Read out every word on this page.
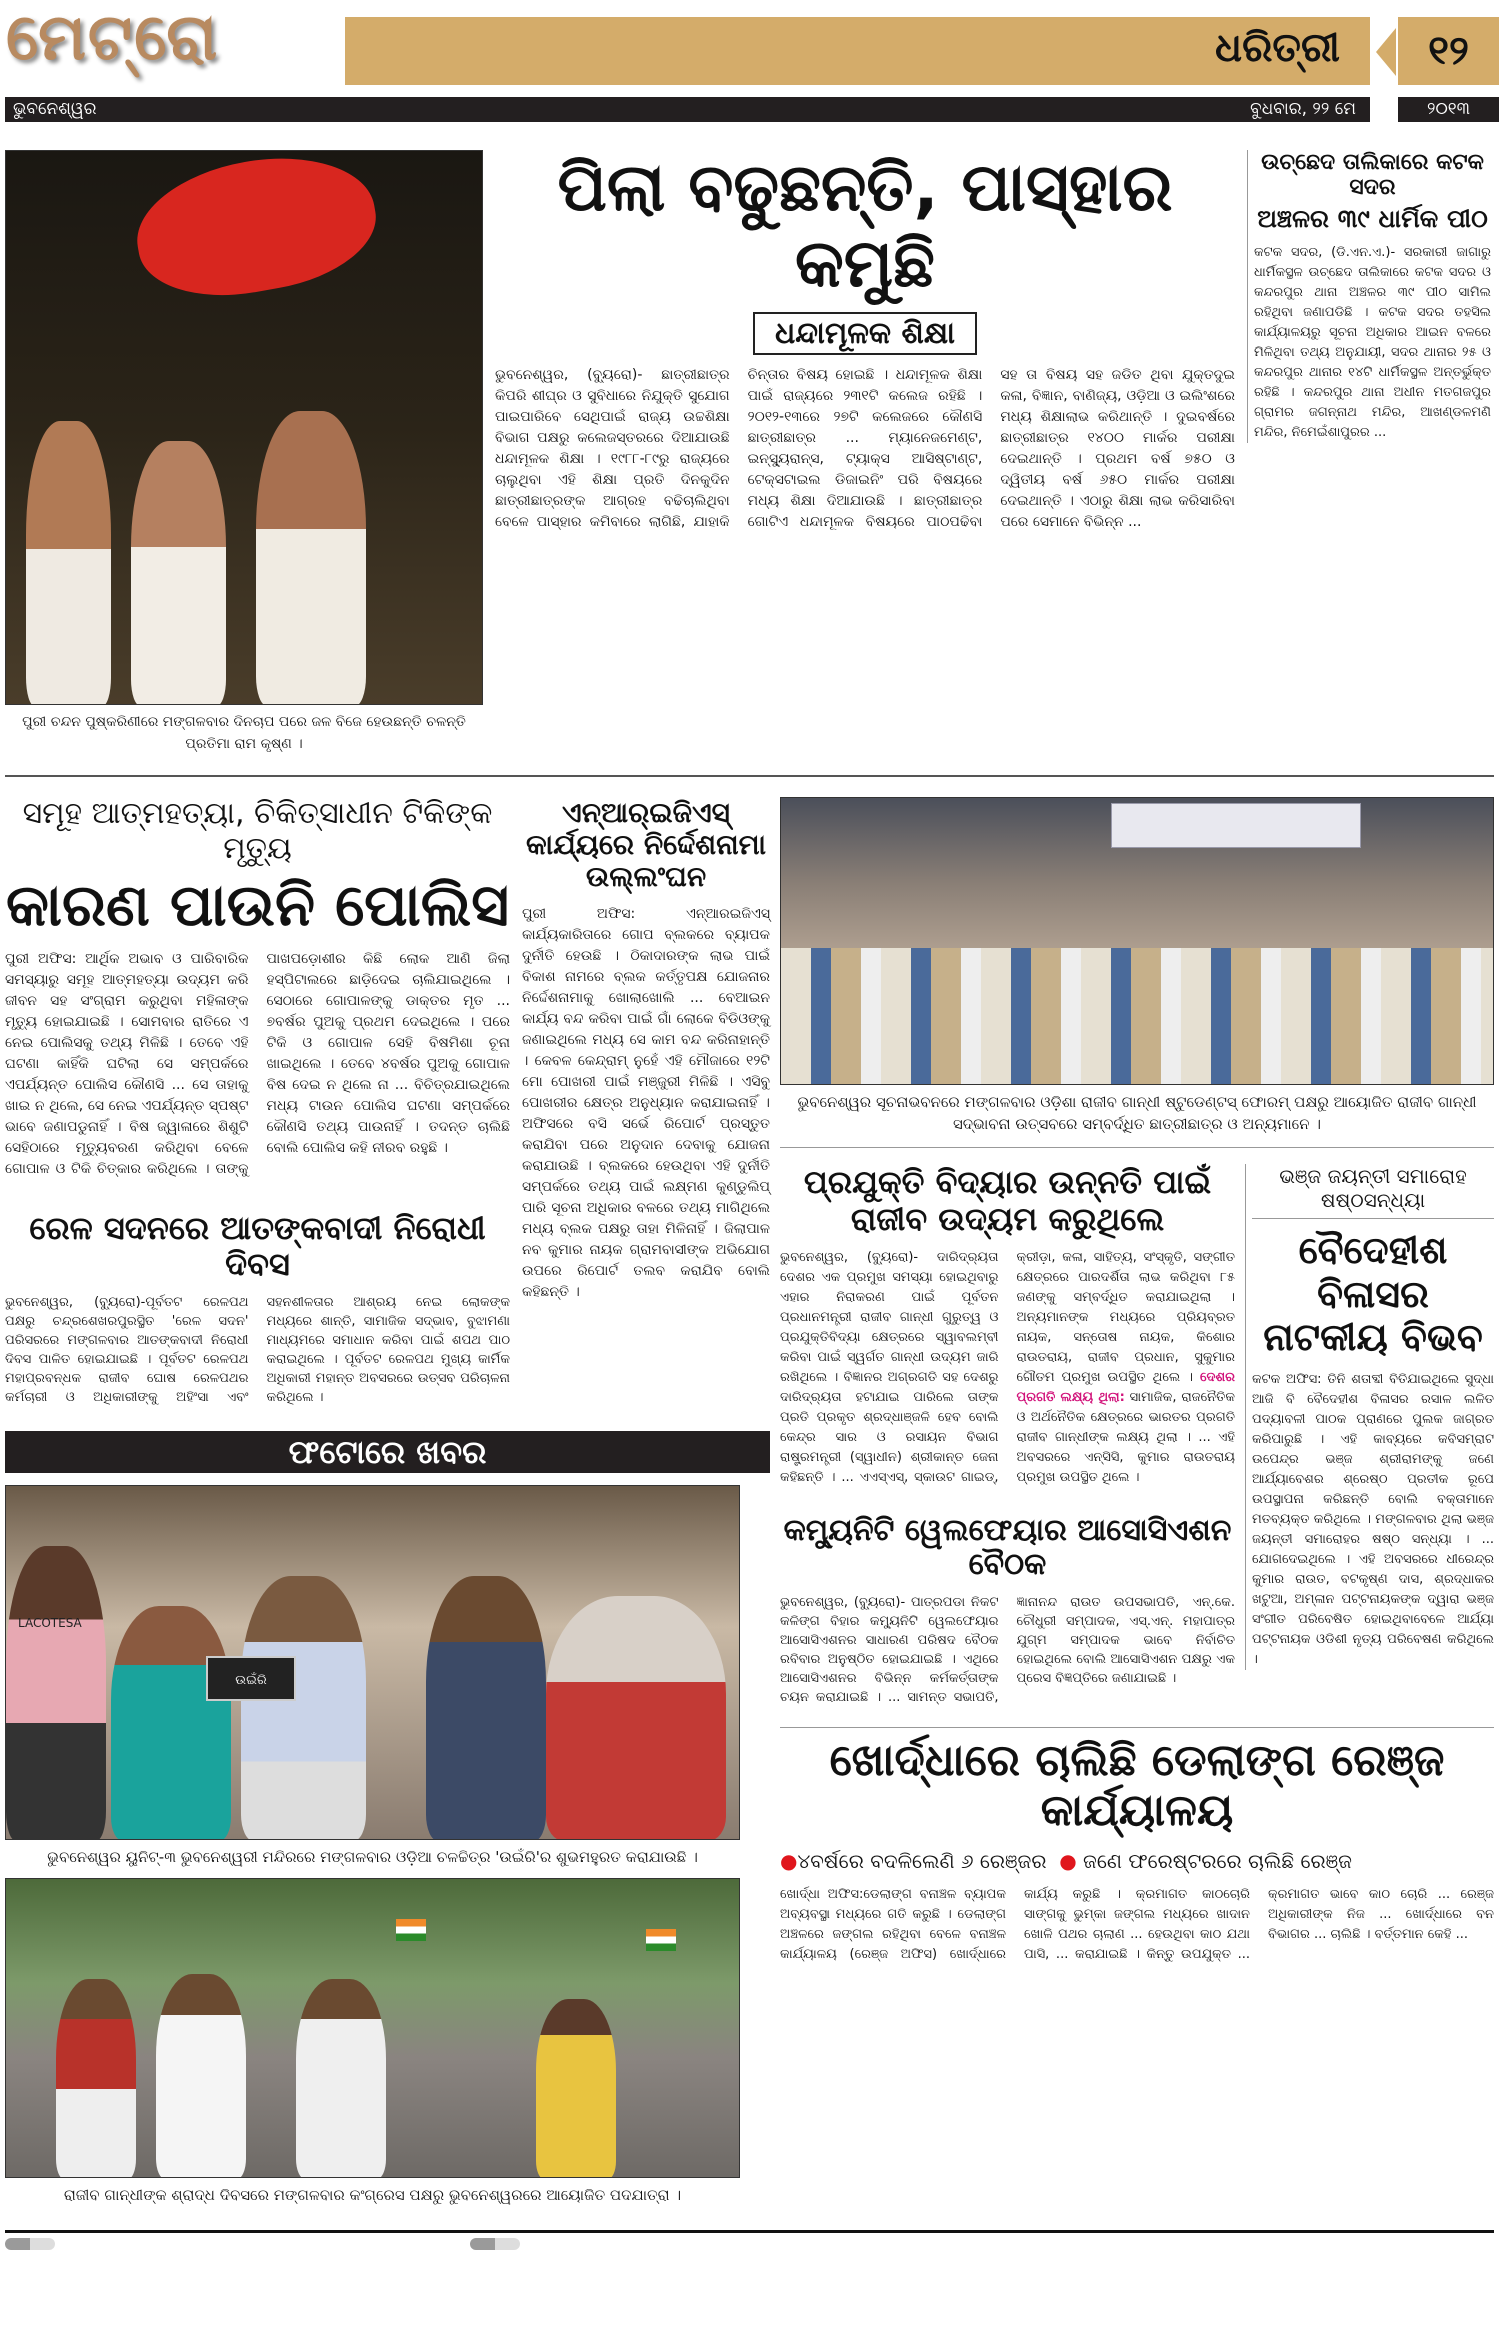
ମେଟ୍ରୋ	ଧରିତ୍ରୀ	୧୨
ଭୁବନେଶ୍ୱର	ବୁଧବାର, ୨୨ ମେ	୨୦୧୩
ପୁରୀ ଚନ୍ଦନ ପୁଷ୍କରିଣୀରେ ମଙ୍ଗଳବାର ଦିନଚାପ ପରେ ଜଳ ବିଜେ ହେଉଛନ୍ତି ଚଳନ୍ତି ପ୍ରତିମା ରାମ କୃଷ୍ଣ ।
ପିଲା ବଢୁଛନ୍ତି, ପାସ୍‌ହାର କମୁଛି
ଧନ୍ଦାମୂଳକ ଶିକ୍ଷା
ଭୁବନେଶ୍ୱର, (ବ୍ୟୁରୋ)- ଛାତ୍ରୀଛାତ୍ର କିପରି ଶୀଘ୍ର ଓ ସୁବିଧାରେ ନିଯୁକ୍ତି ସୁଯୋଗ ପାଇପାରିବେ ସେଥିପାଇଁ ରାଜ୍ୟ ଉଚ୍ଚଶିକ୍ଷା ବିଭାଗ ପକ୍ଷରୁ କଲେଜସ୍ତରରେ ଦିଆଯାଉଛି ଧନ୍ଦାମୂଳକ ଶିକ୍ଷା । ୧୯୮୮-୮୯ରୁ ରାଜ୍ୟରେ ଚାଲୁଥିବା ଏହି ଶିକ୍ଷା ପ୍ରତି ଦିନକୁଦିନ ଛାତ୍ରୀଛାତ୍ରଙ୍କ ଆଗ୍ରହ ବଢିଚାଲିଥିବା ବେଳେ ପାସ୍‌ହାର କମିବାରେ ଲାଗିଛି, ଯାହାକି ଚିନ୍ତାର ବିଷୟ ହୋଇଛି । ଧନ୍ଦାମୂଳକ ଶିକ୍ଷା ପାଇଁ ରାଜ୍ୟରେ ୨୩୧ଟି କଲେଜ ରହିଛି । ୨୦୧୨-୧୩ରେ ୨୭ଟି କଲେଜରେ କୌଣସି ଛାତ୍ରୀଛାତ୍ର ... ମ୍ୟାନେଜମେଣ୍ଟ, ଇନ୍‌ସ୍ୟୁରାନ୍ସ, ଟ୍ୟାକ୍ସ ଆସିଷ୍ଟାଣ୍ଟ, ଟେକ୍ସଟାଇଲ ଡିଜାଇନିଂ ପରି ବିଷୟରେ ମଧ୍ୟ ଶିକ୍ଷା ଦିଆଯାଉଛି । ଛାତ୍ରୀଛାତ୍ର ଗୋଟିଏ ଧନ୍ଦାମୂଳକ ବିଷୟରେ ପାଠପଢିବା ସହ ତା ବିଷୟ ସହ ଜଡିତ ଥିବା ଯୁକ୍ତଦୁଇ କଳା, ବିଜ୍ଞାନ, ବାଣିଜ୍ୟ, ଓଡ଼ିଆ ଓ ଇଲିଂଶରେ ମଧ୍ୟ ଶିକ୍ଷାଲାଭ କରିଥାନ୍ତି । ଦୁଇବର୍ଷରେ ଛାତ୍ରୀଛାତ୍ର ୧୪୦୦ ମାର୍କର ପରୀକ୍ଷା ଦେଇଥାନ୍ତି । ପ୍ରଥମ ବର୍ଷ ୭୫୦ ଓ ଦ୍ୱିତୀୟ ବର୍ଷ ୬୫୦ ମାର୍କର ପରୀକ୍ଷା ଦେଇଥାନ୍ତି । ଏଠାରୁ ଶିକ୍ଷା ଲାଭ କରିସାରିବା ପରେ ସେମାନେ ବିଭିନ୍ନ ...
ଉଚ୍ଛେଦ ତାଲିକାରେ କଟକ ସଦର
ଅଞ୍ଚଳର ୩୯ ଧାର୍ମିକ ପୀଠ
କଟକ ସଦର, (ଡି.ଏନ.ଏ.)- ସରକାରୀ ଜାଗାରୁ ଧାର୍ମିକସ୍ଥଳ ଉଚ୍ଛେଦ ତାଲିକାରେ କଟକ ସଦର ଓ କନ୍ଦରପୁର ଥାନା ଅଞ୍ଚଳର ୩୯ ପୀଠ ସାମିଲ ରହିଥିବା ଜଣାପଡିଛି । କଟକ ସଦର ତହସିଲ କାର୍ଯ୍ୟାଳୟରୁ ସୂଚନା ଅଧିକାର ଆଇନ ବଳରେ ମିଳିଥିବା ତଥ୍ୟ ଅନୁଯାୟୀ, ସଦର ଥାନାର ୨୫ ଓ କନ୍ଦରପୁର ଥାନାର ୧୪ଟି ଧାର୍ମିକସ୍ଥଳ ଅନ୍ତର୍ଭୁକ୍ତ ରହିଛି । କନ୍ଦରପୁର ଥାନା ଅଧୀନ ମତଗଜପୁର ଗ୍ରାମର ଜଗନ୍ନାଥ ମନ୍ଦିର, ଆଖଣ୍ଡଳମଣି ମନ୍ଦିର, ନିମେଇଁଶାପୁରର ...
ସମୂହ ଆତ୍ମହତ୍ୟା, ଚିକିତ୍ସାଧୀନ ଟିକିଙ୍କ ମୃତ୍ୟୁ
କାରଣ ପାଉନି ପୋଲିସ
ପୁରୀ ଅଫିସ: ଆର୍ଥିକ ଅଭାବ ଓ ପାରିବାରିକ ସମସ୍ୟାରୁ ସମୂହ ଆତ୍ମହତ୍ୟା ଉଦ୍ୟମ କରି ଜୀବନ ସହ ସଂଗ୍ରାମ କରୁଥିବା ମହିଳାଙ୍କ ମୃତ୍ୟୁ ହୋଇଯାଇଛି । ସୋମବାର ରାତିରେ ଏ ନେଇ ପୋଲିସକୁ ତଥ୍ୟ ମିଳିଛି । ତେବେ ଏହି ଘଟଣା କାହିଁକି ଘଟିଲା ସେ ସମ୍ପର୍କରେ ଏପର୍ଯ୍ୟନ୍ତ ପୋଲିସ କୌଣସି ... ସେ ତାହାକୁ ଖାଇ ନ ଥିଲେ, ସେ ନେଇ ଏପର୍ଯ୍ୟନ୍ତ ସ୍ପଷ୍ଟ ଭାବେ ଜଣାପଡୁନାହିଁ । ବିଷ ଜ୍ୱାଳାରେ ଶିଶୁଟି ସେହିଠାରେ ମୃତ୍ୟୁବରଣ କରିଥିବା ବେଳେ ଗୋପାଳ ଓ ଟିକି ଚିତ୍କାର କରିଥିଲେ । ତାଙ୍କୁ ପାଖପଡ଼ୋଶୀର କିଛି ଲୋକ ଆଣି ଜିଲା ହସ୍ପିଟାଲରେ ଛାଡ଼ିଦେଇ ଚାଲିଯାଇଥିଲେ । ସେଠାରେ ଗୋପାଳଙ୍କୁ ଡାକ୍ତର ମୃତ ... ୭ବର୍ଷର ପୁଅକୁ ପ୍ରଥମ ଦେଇଥିଲେ । ପରେ ଟିକି ଓ ଗୋପାଳ ସେହି ବିଷମିଶା ଚୂନା ଖାଇଥିଲେ । ତେବେ ୪ବର୍ଷର ପୁଅକୁ ଗୋପାଳ ବିଷ ଦେଇ ନ ଥିଲେ ନା ... ବିଚିତ୍ରଯାଇଥିଲେ ମଧ୍ୟ ଟାଉନ ପୋଲିସ ଘଟଣା ସମ୍ପର୍କରେ କୌଣସି ତଥ୍ୟ ପାଉନାହିଁ । ତଦନ୍ତ ଚାଲିଛି ବୋଲି ପୋଲିସ କହି ନୀରବ ରହୁଛି ।
ରେଳ ସଦନରେ ଆତଙ୍କବାଦୀ ନିରୋଧୀ ଦିବସ
ଭୁବନେଶ୍ୱର, (ବ୍ୟୁରୋ)-ପୂର୍ବତଟ ରେଳପଥ ପକ୍ଷରୁ ଚନ୍ଦ୍ରଶେଖରପୁରସ୍ଥିତ 'ରେଳ ସଦନ' ପରିସରରେ ମଙ୍ଗଳବାର ଆତଙ୍କବାଦୀ ନିରୋଧୀ ଦିବସ ପାଳିତ ହୋଇଯାଇଛି । ପୂର୍ବତଟ ରେଳପଥ ମହାପ୍ରବନ୍ଧକ ରାଜୀବ ଘୋଷ ରେଳପଥର କର୍ମଚାରୀ ଓ ଅଧିକାରୀଙ୍କୁ ଅହିଂସା ଏବଂ ସହନଶୀଳତାର ଆଶ୍ରୟ ନେଇ ଲୋକଙ୍କ ମଧ୍ୟରେ ଶାନ୍ତି, ସାମାଜିକ ସଦ୍ଭାବ, ବୁଝାମଣା ମାଧ୍ୟମରେ ସମାଧାନ କରିବା ପାଇଁ ଶପଥ ପାଠ କରାଇଥିଲେ । ପୂର୍ବତଟ ରେଳପଥ ମୁଖ୍ୟ କାର୍ମିକ ଅଧିକାରୀ ମହାନ୍ତ ଅବସରରେ ଉତ୍ସବ ପରିଚାଳନା କରିଥିଲେ ।
ଏନ୍‌ଆର୍‌ଇଜିଏସ୍ କାର୍ଯ୍ୟରେ ନିର୍ଦ୍ଦେଶନାମା ଉଲ୍ଲଂଘନ
ପୁରୀ ଅଫିସ: ଏନ୍‌ଆରଇଜିଏସ୍ କାର୍ଯ୍ୟକାରିତାରେ ଗୋପ ବ୍ଲକରେ ବ୍ୟାପକ ଦୁର୍ନୀତି ହେଉଛି । ଠିକାଦାରଙ୍କ ଲାଭ ପାଇଁ ବିକାଶ ନାମରେ ବ୍ଲକ କର୍ତ୍ତୃପକ୍ଷ ଯୋଜନାର ନିର୍ଦ୍ଦେଶନାମାକୁ ଖୋଲାଖୋଲି ... ବେଆଇନ କାର୍ଯ୍ୟ ବନ୍ଦ କରିବା ପାଇଁ ଗାଁ ଲୋକେ ବିଡିଓଙ୍କୁ ଜଣାଇଥିଲେ ମଧ୍ୟ ସେ କାମ ବନ୍ଦ କରିନାହାନ୍ତି । କେବଳ କେନ୍ଦ୍ରାମ୍ ନୁହେଁ ଏହି ମୌଜାରେ ୧୨ଟି ମୋ ପୋଖରୀ ପାଇଁ ମଞ୍ଜୁରୀ ମିଳିଛି । ଏସିବୁ ପୋଖରୀର କ୍ଷେତ୍ର ଅନୁଧ୍ୟାନ କରାଯାଇନାହିଁ । ଅଫିସରେ ବସି ସର୍ଭେ ରିପୋର୍ଟ ପ୍ରସ୍ତୁତ କରାଯିବା ପରେ ଅନୁଦାନ ଦେବାକୁ ଯୋଜନା କରାଯାଉଛି । ବ୍ଲକରେ ହେଉଥିବା ଏହି ଦୁର୍ନୀତି ସମ୍ପର୍କରେ ତଥ୍ୟ ପାଇଁ ଲକ୍ଷ୍ମଣ କୁଣ୍ଡୁଲିପ୍ ପାରି ସୂଚନା ଅଧିକାର ବଳରେ ତଥ୍ୟ ମାଗିଥିଲେ ମଧ୍ୟ ବ୍ଲକ ପକ୍ଷରୁ ତାହା ମିଳିନାହିଁ । ଜିଲାପାଳ ନବ କୁମାର ନାୟକ ଗ୍ରାମବାସୀଙ୍କ ଅଭିଯୋଗ ଉପରେ ରିପୋର୍ଟ ତଲବ କରାଯିବ ବୋଲି କହିଛନ୍ତି ।
ଫଟୋରେ ଖବର
LACOTESA
ଉଇଁରି
ଭୁବନେଶ୍ୱର ୟୁନିଟ୍-୩ ଭୁବନେଶ୍ୱରୀ ମନ୍ଦିରରେ ମଙ୍ଗଳବାର ଓଡ଼ିଆ ଚଳଚ୍ଚିତ୍ର 'ଉଇଁରି'ର ଶୁଭମହୁରତ କରାଯାଉଛି ।
ରାଜୀବ ଗାନ୍ଧୀଙ୍କ ଶ୍ରାଦ୍ଧ ଦିବସରେ ମଙ୍ଗଳବାର କଂଗ୍ରେସ ପକ୍ଷରୁ ଭୁବନେଶ୍ୱରରେ ଆୟୋଜିତ ପଦଯାତ୍ରା ।
ଭୁବନେଶ୍ୱର ସୂଚନାଭବନରେ ମଙ୍ଗଳବାର ଓଡ଼ିଶା ରାଜୀବ ଗାନ୍ଧୀ ଷ୍ଟୁଡେଣ୍ଟସ୍ ଫୋରମ୍ ପକ୍ଷରୁ ଆୟୋଜିତ ରାଜୀବ ଗାନ୍ଧୀ ସଦ୍‌ଭାବନା ଉତ୍ସବରେ ସମ୍ବର୍ଦ୍ଧିତ ଛାତ୍ରୀଛାତ୍ର ଓ ଅନ୍ୟମାନେ ।
ପ୍ରଯୁକ୍ତି ବିଦ୍ୟାର ଉନ୍ନତି ପାଇଁ ରାଜୀବ ଉଦ୍ୟମ କରୁଥିଲେ
ଭୁବନେଶ୍ୱର, (ବ୍ୟୁରୋ)- ଦାରିଦ୍ର୍ୟତା ଦେଶର ଏକ ପ୍ରମୁଖ ସମସ୍ୟା ହୋଇଥିବାରୁ ଏହାର ନିରାକରଣ ପାଇଁ ପୂର୍ବତନ ପ୍ରଧାନମନ୍ତ୍ରୀ ରାଜୀବ ଗାନ୍ଧୀ ଗୁରୁତ୍ୱ ଓ ପ୍ରଯୁକ୍ତିବିଦ୍ୟା କ୍ଷେତ୍ରରେ ସ୍ୱାବଲମ୍ବୀ କରିବା ପାଇଁ ସ୍ୱର୍ଗତ ଗାନ୍ଧୀ ଉଦ୍ୟମ ଜାରି ରଖିଥିଲେ । ବିଜ୍ଞାନର ଅଗ୍ରଗତି ସହ ଦେଶରୁ ଦାରିଦ୍ର୍ୟତା ହଟାଯାଇ ପାରିଲେ ତାଙ୍କ ପ୍ରତି ପ୍ରକୃତ ଶ୍ରଦ୍ଧାଞ୍ଜଳି ହେବ ବୋଲି କେନ୍ଦ୍ର ସାର ଓ ରସାୟନ ବିଭାଗ ରାଷ୍ଟ୍ରମନ୍ତ୍ରୀ (ସ୍ୱାଧୀନ) ଶ୍ରୀକାନ୍ତ ଜେନା କହିଛନ୍ତି । ... ଏଏସ୍‌ଏସ୍, ସ୍କାଉଟ ଗାଇଡ୍, କ୍ରୀଡ଼ା, କଳା, ସାହିତ୍ୟ, ସଂସ୍କୃତି, ସଙ୍ଗୀତ କ୍ଷେତ୍ରରେ ପାରଦର୍ଶିତା ଲାଭ କରିଥିବା ୮୫ ଜଣଙ୍କୁ ସମ୍ବର୍ଦ୍ଧିତ କରାଯାଇଥିଲା । ଅନ୍ୟମାନଙ୍କ ମଧ୍ୟରେ ପ୍ରିୟବ୍ରତ ନାୟକ, ସନ୍ତୋଷ ନାୟକ, କିଶୋର ରାଉତରାୟ, ରାଜୀବ ପ୍ରଧାନ, ସୁକୁମାର ଗୌତମ ପ୍ରମୁଖ ଉପସ୍ଥିତ ଥିଲେ । ଦେଶର ପ୍ରଗତି ଲକ୍ଷ୍ୟ ଥିଲା: ସାମାଜିକ, ରାଜନୈତିକ ଓ ଅର୍ଥନୈତିକ କ୍ଷେତ୍ରରେ ଭାରତର ପ୍ରଗତି ରାଜୀବ ଗାନ୍ଧୀଙ୍କ ଲକ୍ଷ୍ୟ ଥିଲା । ... ଏହି ଅବସରରେ ଏନ୍‌ସିସି, କୁମାର ରାଉତରାୟ ପ୍ରମୁଖ ଉପସ୍ଥିତ ଥିଲେ ।
କମ୍ୟୁନିଟି ୱେଲଫେୟାର ଆସୋସିଏଶନ ବୈଠକ
ଭୁବନେଶ୍ୱର, (ବ୍ୟୁରୋ)- ପାତ୍ରପଡା ନିକଟ କଳିଙ୍ଗ ବିହାର କମ୍ୟୁନିଟି ୱେଲଫେୟାର ଆସୋସିଏଶନର ସାଧାରଣ ପରିଷଦ ବୈଠକ ରବିବାର ଅନୁଷ୍ଠିତ ହୋଇଯାଇଛି । ଏଥିରେ ଆସୋସିଏଶନର ବିଭିନ୍ନ କର୍ମକର୍ତ୍ତାଙ୍କ ଚୟନ କରାଯାଇଛି । ... ସାମନ୍ତ ସଭାପତି, ଜ୍ଞାନାନନ୍ଦ ରାଉତ ଉପସଭାପତି, ଏନ୍.କେ. ଚୌଧୁରୀ ସମ୍ପାଦକ, ଏସ୍.ଏନ୍. ମହାପାତ୍ର ଯୁଗ୍ମ ସମ୍ପାଦକ ଭାବେ ନିର୍ବାଚିତ ହୋଇଥିଲେ ବୋଲି ଆସୋସିଏଶନ ପକ୍ଷରୁ ଏକ ପ୍ରେସ ବିଜ୍ଞପ୍ତିରେ ଜଣାଯାଇଛି ।
ଭଞ୍ଜ ଜୟନ୍ତୀ ସମାରୋହ ଷଷ୍ଠସନ୍ଧ୍ୟା
ବୈଦେହୀଶ ବିଳାସର ନାଟକୀୟ ବିଭବ
କଟକ ଅଫିସ: ତିନି ଶତାବ୍ଦୀ ବିତିଯାଇଥିଲେ ସୁଦ୍ଧା ଆଜି ବି ବୈଦେହୀଶ ବିଳାସର ରସାଳ ଲଳିତ ପଦ୍ୟାବଳୀ ପାଠକ ପ୍ରାଣରେ ପୁଲକ ଜାଗ୍ରତ କରିପାରୁଛି । ଏହି କାବ୍ୟରେ କବିସମ୍ରାଟ ଉପେନ୍ଦ୍ର ଭଞ୍ଜ ଶ୍ରୀରାମଙ୍କୁ ଜଣେ ଆର୍ଯ୍ୟାବେଶର ଶ୍ରେଷ୍ଠ ପ୍ରତୀକ ରୂପେ ଉପସ୍ଥାପନା କରିଛନ୍ତି ବୋଲି ବକ୍ତାମାନେ ମତବ୍ୟକ୍ତ କରିଥିଲେ । ମଙ୍ଗଳବାର ଥିଲା ଭଞ୍ଜ ଜୟନ୍ତୀ ସମାରୋହର ଷଷ୍ଠ ସନ୍ଧ୍ୟା । ... ଯୋଗଦେଇଥିଲେ । ଏହି ଅବସରରେ ଧୀରେନ୍ଦ୍ର କୁମାର ରାଉତ, ବଟକୃଷ୍ଣ ଦାସ, ଶ୍ରଦ୍ଧାକର ଖଟୁଆ, ଅମ୍ଳାନ ପଟ୍ଟନାୟକଙ୍କ ଦ୍ୱାରା ଭଞ୍ଜ ସଂଗୀତ ପରିବେଷିତ ହୋଇଥିବାବେଳେ ଆର୍ଯ୍ୟା ପଟ୍ଟନାୟକ ଓଡିଶୀ ନୃତ୍ୟ ପରିବେଷଣ କରିଥିଲେ ।
ଖୋର୍ଦ୍ଧାରେ ଚାଲିଛି ଡେଲାଙ୍ଗ ରେଞ୍ଜ କାର୍ଯ୍ୟାଳୟ
●୪ବର୍ଷରେ ବଦଳିଲେଣି ୬ ରେଞ୍ଜର ● ଜଣେ ଫରେଷ୍ଟରରେ ଚାଲିଛି ରେଞ୍ଜ
ଖୋର୍ଦ୍ଧା ଅଫିସ:ଡେଲାଙ୍ଗ ବନାଞ୍ଚଳ ବ୍ୟାପକ ଅବ୍ୟବସ୍ଥା ମଧ୍ୟରେ ଗତି କରୁଛି । ଡେଲାଙ୍ଗ ଅଞ୍ଚଳରେ ଜଙ୍ଗଲ ରହିଥିବା ବେଳେ ବନାଞ୍ଚଳ କାର୍ଯ୍ୟାଳୟ (ରେଞ୍ଜ ଅଫିସ) ଖୋର୍ଦ୍ଧାରେ କାର୍ଯ୍ୟ କରୁଛି । କ୍ରମାଗତ କାଠଚୋରି ସାଙ୍ଗକୁ ଭୁମ୍‌କା ଜଙ୍ଗଲ ମଧ୍ୟରେ ଖାଦାନ ଖୋଳି ପଥର ଚାଲାଣ ... ହେଉଥିବା କାଠ ଯଥା ପାସି, ... କରାଯାଇଛି । କିନ୍ତୁ ଉପଯୁକ୍ତ ... କ୍ରମାଗତ ଭାବେ କାଠ ଚୋରି ... ରେଞ୍ଜ ଅଧିକାରୀଙ୍କ ନିଜ ... ଖୋର୍ଦ୍ଧାରେ ବନ ବିଭାଗର ... ଚାଲିଛି । ବର୍ତ୍ତମାନ କେହି ...
